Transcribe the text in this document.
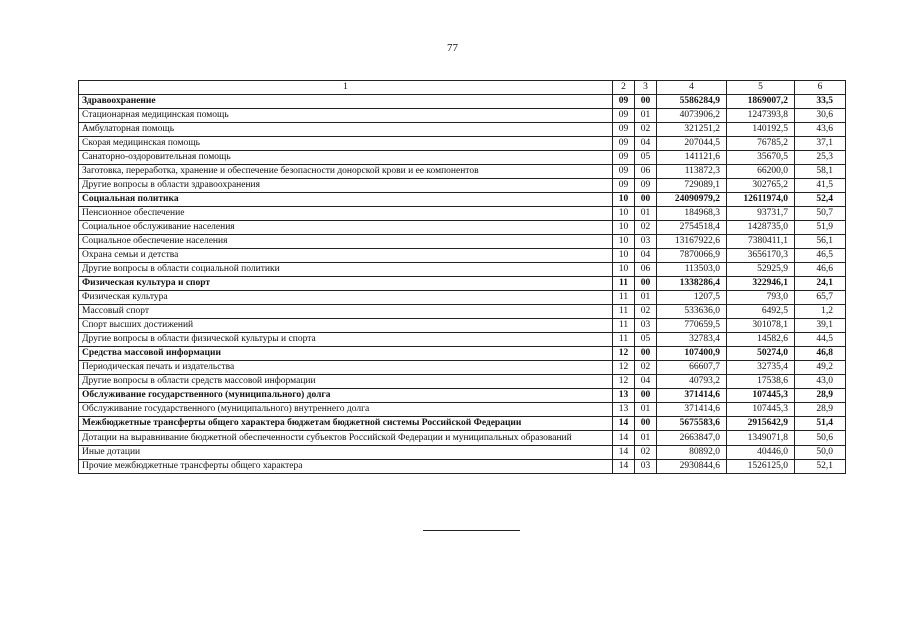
77
1	2	3	4	5	6
Здравоохранение	09	00	5586284,9	1869007,2	33,5
Стационарная медицинская помощь	09	01	4073906,2	1247393,8	30,6
Амбулаторная помощь	09	02	321251,2	140192,5	43,6
Скорая медицинская помощь	09	04	207044,5	76785,2	37,1
Санаторно-оздоровительная помощь	09	05	141121,6	35670,5	25,3
Заготовка, переработка, хранение и обеспечение безопасности донорской крови и ее компонентов	09	06	113872,3	66200,0	58,1
Другие вопросы в области здравоохранения	09	09	729089,1	302765,2	41,5
Социальная политика	10	00	24090979,2	12611974,0	52,4
Пенсионное обеспечение	10	01	184968,3	93731,7	50,7
Социальное обслуживание населения	10	02	2754518,4	1428735,0	51,9
Социальное обеспечение населения	10	03	13167922,6	7380411,1	56,1
Охрана семьи и детства	10	04	7870066,9	3656170,3	46,5
Другие вопросы в области социальной политики	10	06	113503,0	52925,9	46,6
Физическая культура и спорт	11	00	1338286,4	322946,1	24,1
Физическая культура	11	01	1207,5	793,0	65,7
Массовый спорт	11	02	533636,0	6492,5	1,2
Спорт высших достижений	11	03	770659,5	301078,1	39,1
Другие вопросы в области физической культуры и спорта	11	05	32783,4	14582,6	44,5
Средства массовой информации	12	00	107400,9	50274,0	46,8
Периодическая печать и издательства	12	02	66607,7	32735,4	49,2
Другие вопросы в области средств массовой информации	12	04	40793,2	17538,6	43,0
Обслуживание государственного (муниципального) долга	13	00	371414,6	107445,3	28,9
Обслуживание государственного (муниципального) внутреннего долга	13	01	371414,6	107445,3	28,9
Межбюджетные трансферты общего характера бюджетам бюджетной системы Российской Федерации	14	00	5675583,6	2915642,9	51,4
Дотации на выравнивание бюджетной обеспеченности субъектов Российской Федерации и муниципальных образований	14	01	2663847,0	1349071,8	50,6
Иные дотации	14	02	80892,0	40446,0	50,0
Прочие межбюджетные трансферты общего характера	14	03	2930844,6	1526125,0	52,1
